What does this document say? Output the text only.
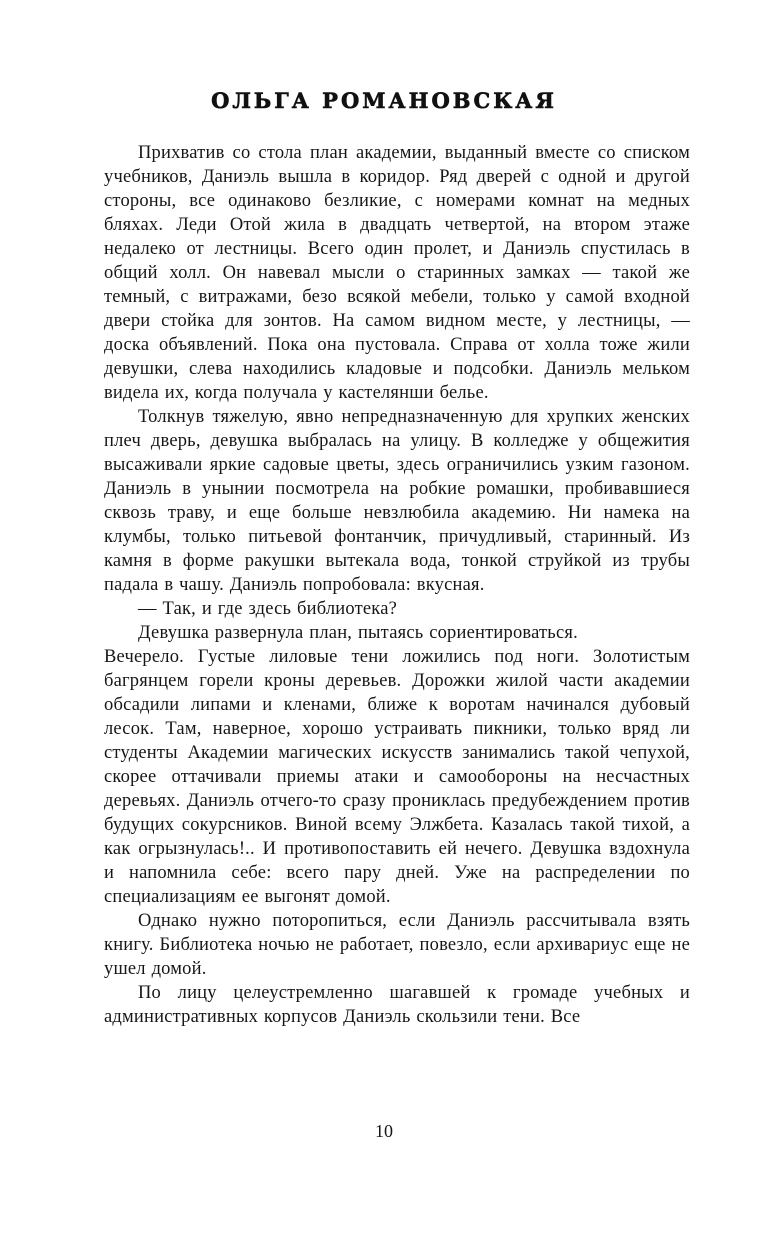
ОЛЬГА РОМАНОВСКАЯ

Прихватив со стола план академии, выданный вместе со списком учебников, Даниэль вышла в коридор. Ряд дверей с одной и другой стороны, все одинаково безликие, с номерами комнат на медных бляхах. Леди Отой жила в двадцать четвертой, на втором этаже недалеко от лестницы. Всего один пролет, и Даниэль спустилась в общий холл. Он навевал мысли о старинных замках — такой же темный, с витражами, безо всякой мебели, только у самой входной двери стойка для зонтов. На самом видном месте, у лестницы, — доска объявлений. Пока она пустовала. Справа от холла тоже жили девушки, слева находились кладовые и подсобки. Даниэль мельком видела их, когда получала у кастелянши белье.

Толкнув тяжелую, явно непредназначенную для хрупких женских плеч дверь, девушка выбралась на улицу. В колледже у общежития высаживали яркие садовые цветы, здесь ограничились узким газоном. Даниэль в унынии посмотрела на робкие ромашки, пробивавшиеся сквозь траву, и еще больше невзлюбила академию. Ни намека на клумбы, только питьевой фонтанчик, причудливый, старинный. Из камня в форме ракушки вытекала вода, тонкой струйкой из трубы падала в чашу. Даниэль попробовала: вкусная.

— Так, и где здесь библиотека?

Девушка развернула план, пытаясь сориентироваться.

Вечерело. Густые лиловые тени ложились под ноги. Золотистым багрянцем горели кроны деревьев. Дорожки жилой части академии обсадили липами и кленами, ближе к воротам начинался дубовый лесок. Там, наверное, хорошо устраивать пикники, только вряд ли студенты Академии магических искусств занимались такой чепухой, скорее оттачивали приемы атаки и самообороны на несчастных деревьях. Даниэль отчего-то сразу прониклась предубеждением против будущих сокурсников. Виной всему Элжбета. Казалась такой тихой, а как огрызнулась!.. И противопоставить ей нечего. Девушка вздохнула и напомнила себе: всего пару дней. Уже на распределении по специализациям ее выгонят домой.

Однако нужно поторопиться, если Даниэль рассчитывала взять книгу. Библиотека ночью не работает, повезло, если архивариус еще не ушел домой.

По лицу целеустремленно шагавшей к громаде учебных и административных корпусов Даниэль скользили тени. Все

10
